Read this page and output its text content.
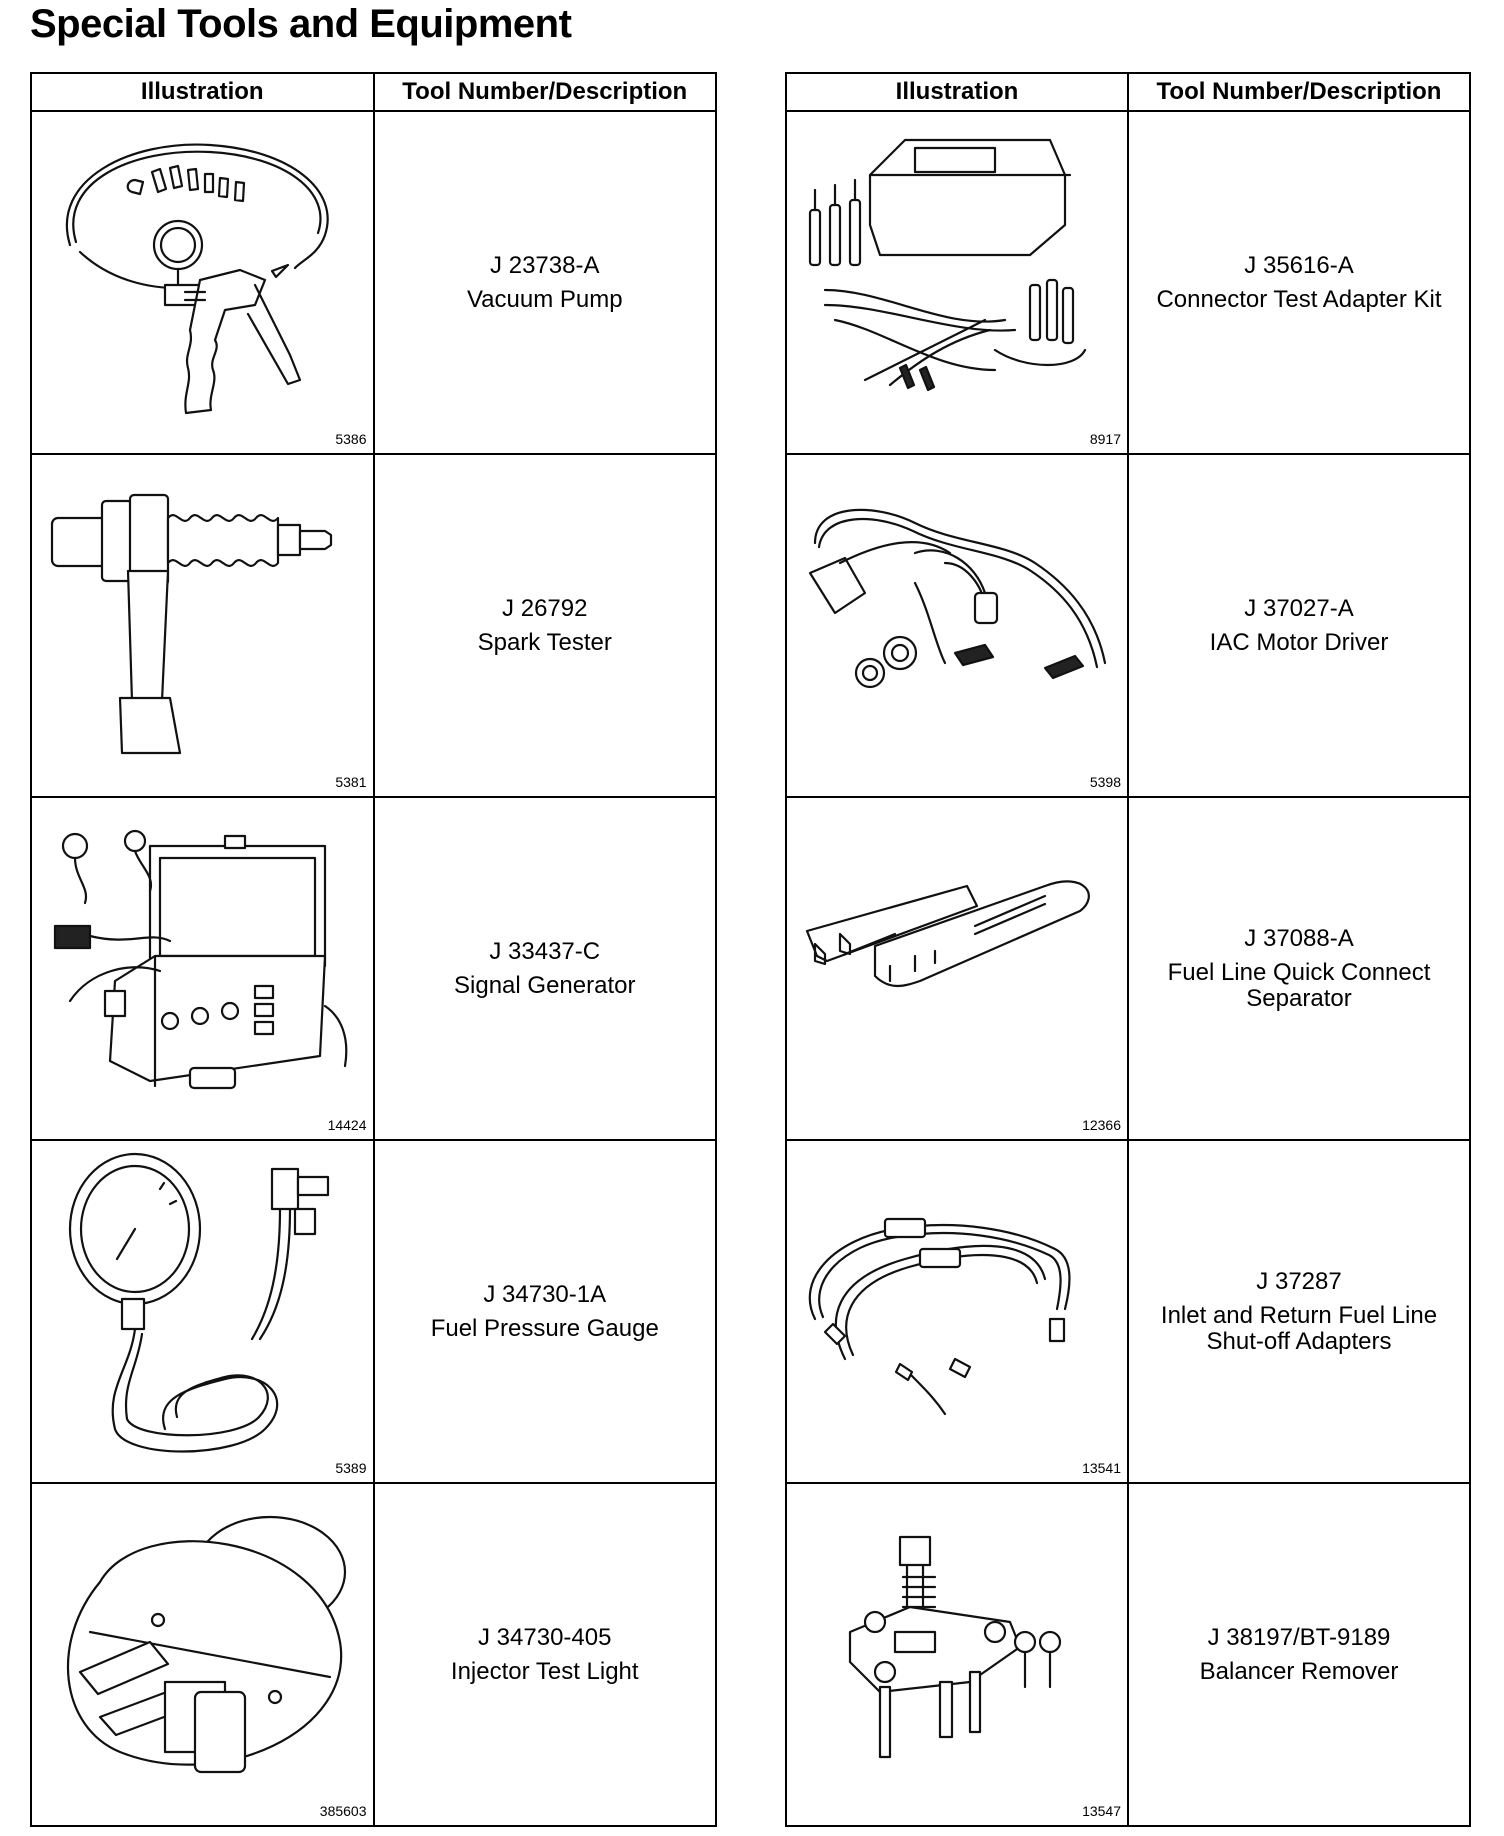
Special Tools and Equipment
Illustration	Tool Number/Description

5386	J 23738-A
Vacuum Pump

5381	J 26792
Spark Tester

14424	J 33437-C
Signal Generator

5389	J 34730-1A
Fuel Pressure Gauge

385603	J 34730-405
Injector Test Light
Illustration	Tool Number/Description

8917	J 35616-A
Connector Test Adapter Kit

5398	J 37027-A
IAC Motor Driver

12366	J 37088-A
Fuel Line Quick Connect
Separator

13541	J 37287
Inlet and Return Fuel Line
Shut-off Adapters

13547	J 38197/BT-9189
Balancer Remover
